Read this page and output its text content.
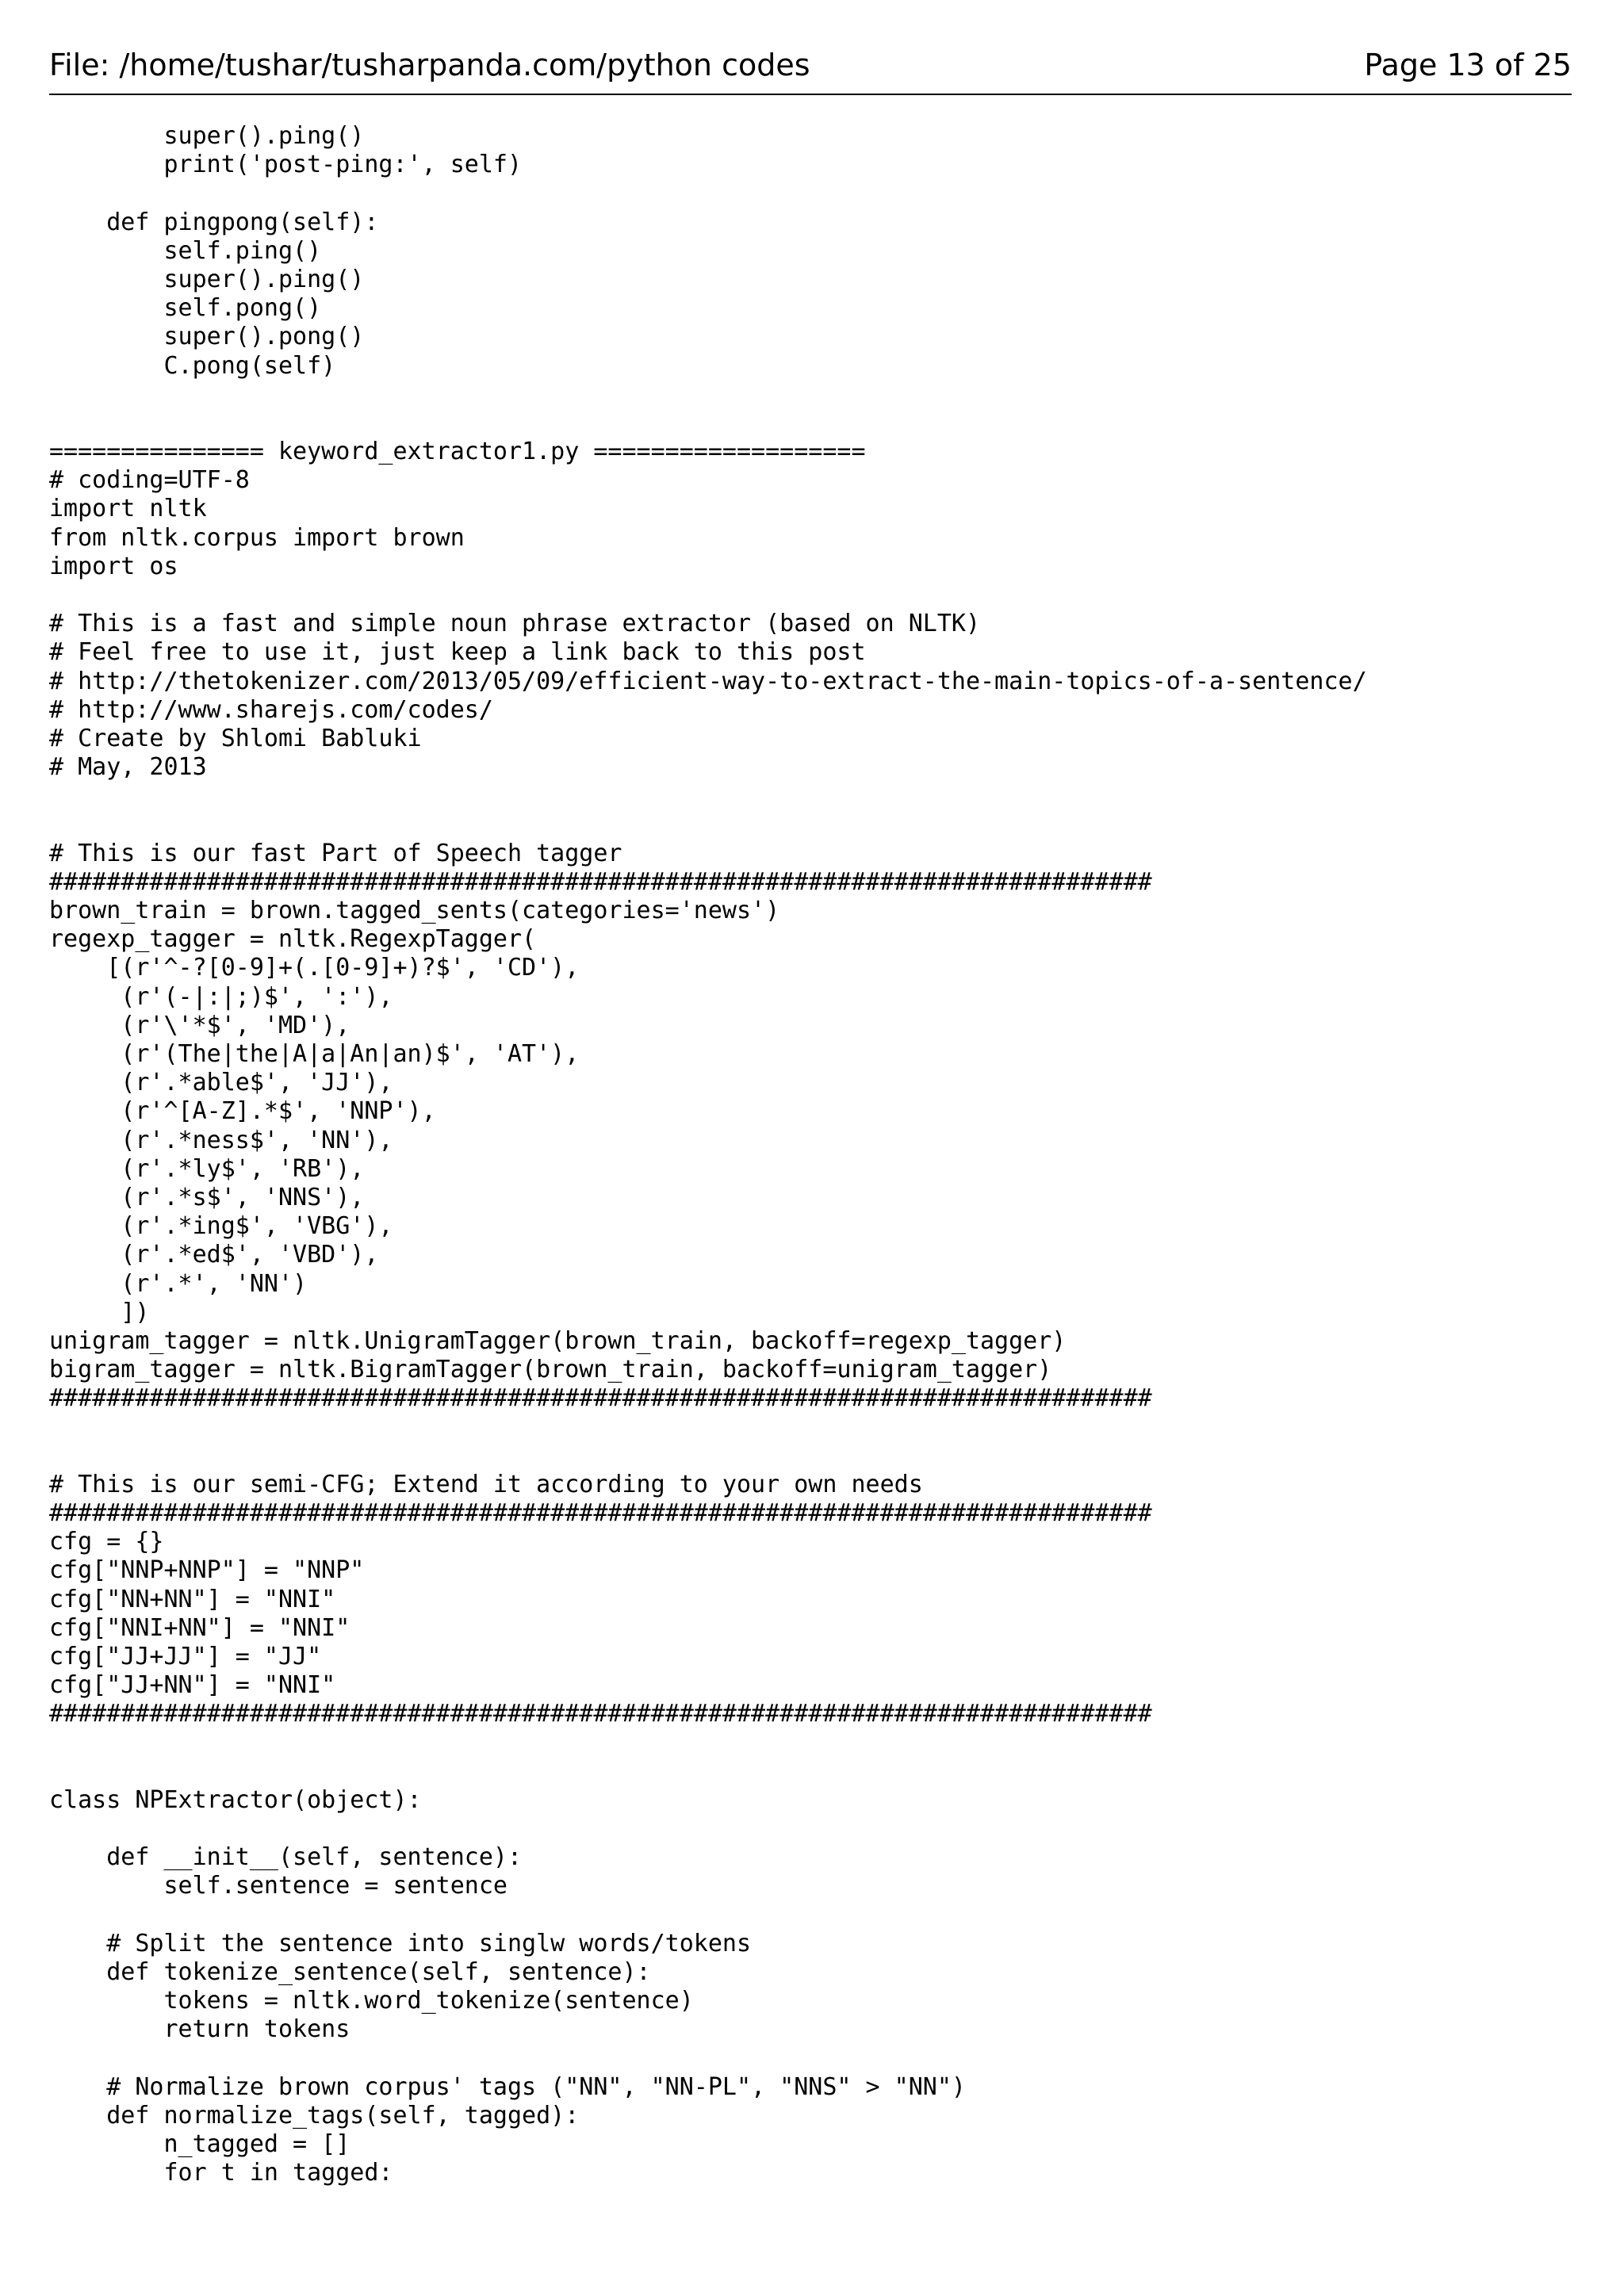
File: /home/tushar/tusharpanda.com/python codes	Page 13 of 25
super().ping()
print('post-ping:', self)
def pingpong(self):
self.ping()
super().ping()
self.pong()
super().pong()
C.pong(self)
=============== keyword_extractor1.py ===================
# coding=UTF-8
import nltk
from nltk.corpus import brown
import os
# This is a fast and simple noun phrase extractor (based on NLTK)
# Feel free to use it, just keep a link back to this post
# http://thetokenizer.com/2013/05/09/efficient-way-to-extract-the-main-topics-of-a-sentence/
# http://www.sharejs.com/codes/
# Create by Shlomi Babluki
# May, 2013
# This is our fast Part of Speech tagger
#############################################################################
brown_train = brown.tagged_sents(categories='news')
regexp_tagger = nltk.RegexpTagger(
[(r'^-?[0-9]+(.[0-9]+)?$', 'CD'),
(r'(-|:|;)$', ':'),
(r'\'*$', 'MD'),
(r'(The|the|A|a|An|an)$', 'AT'),
(r'.*able$', 'JJ'),
(r'^[A-Z].*$', 'NNP'),
(r'.*ness$', 'NN'),
(r'.*ly$', 'RB'),
(r'.*s$', 'NNS'),
(r'.*ing$', 'VBG'),
(r'.*ed$', 'VBD'),
(r'.*', 'NN')
])
unigram_tagger = nltk.UnigramTagger(brown_train, backoff=regexp_tagger)
bigram_tagger = nltk.BigramTagger(brown_train, backoff=unigram_tagger)
#############################################################################
# This is our semi-CFG; Extend it according to your own needs
#############################################################################
cfg = {}
cfg["NNP+NNP"] = "NNP"
cfg["NN+NN"] = "NNI"
cfg["NNI+NN"] = "NNI"
cfg["JJ+JJ"] = "JJ"
cfg["JJ+NN"] = "NNI"
#############################################################################
class NPExtractor(object):
def __init__(self, sentence):
self.sentence = sentence
# Split the sentence into singlw words/tokens
def tokenize_sentence(self, sentence):
tokens = nltk.word_tokenize(sentence)
return tokens
# Normalize brown corpus' tags ("NN", "NN-PL", "NNS" > "NN")
def normalize_tags(self, tagged):
n_tagged = []
for t in tagged:
